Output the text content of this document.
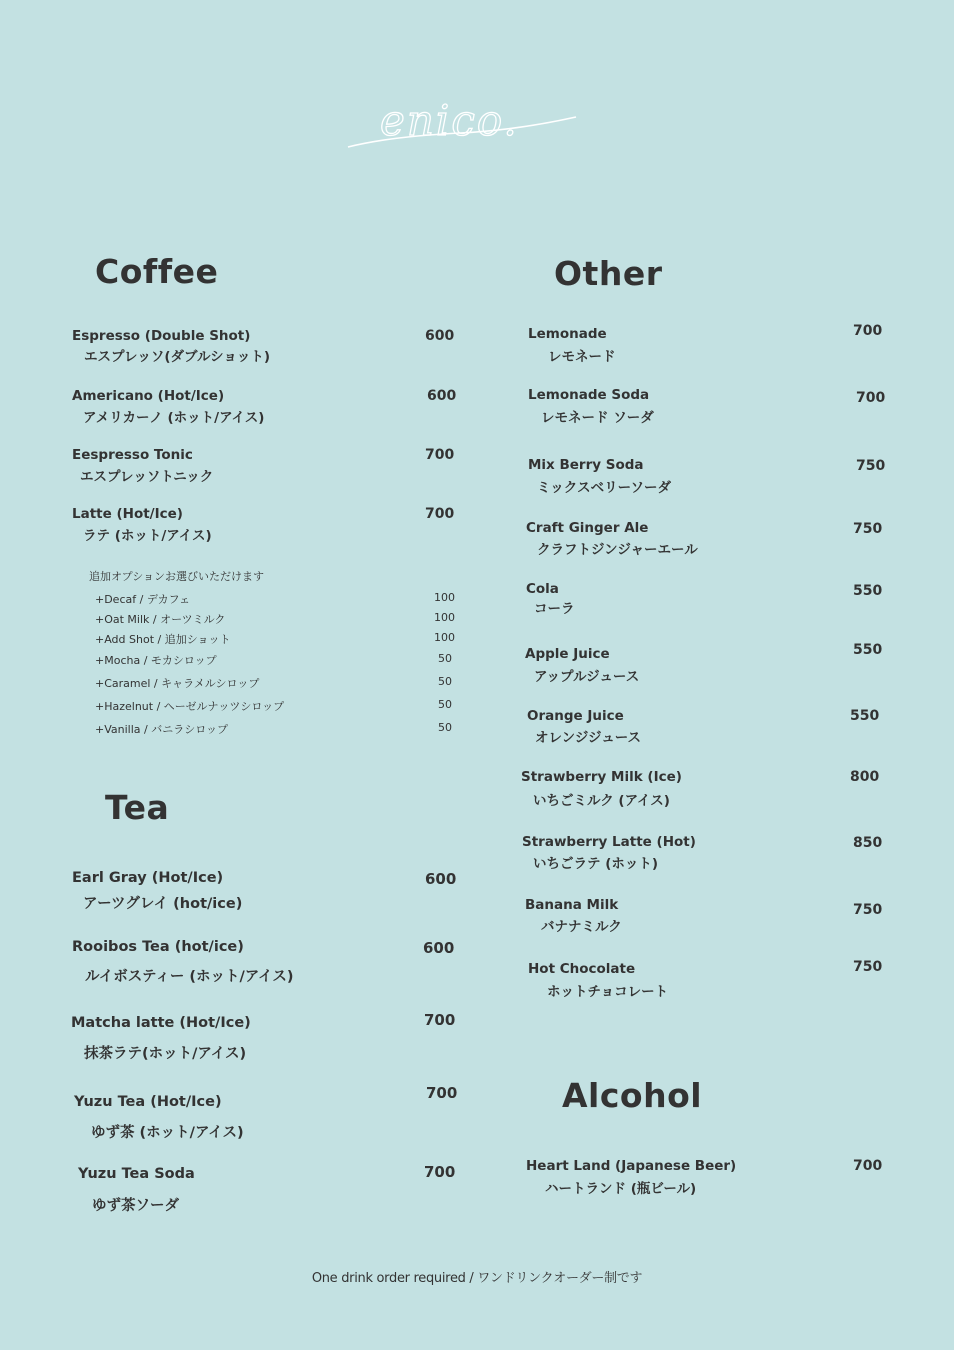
enico.
Coffee
Espresso (Double Shot)
エスプレッソ(ダブルショット)
600
Americano (Hot/Ice)
アメリカーノ (ホット/アイス)
600
Eespresso Tonic
エスプレッソトニック
700
Latte (Hot/Ice)
ラテ (ホット/アイス)
700
追加オプションお選びいただけます
+Decaf / デカフェ	100
+Oat Milk / オーツミルク	100
+Add Shot / 追加ショット	100
+Mocha / モカシロップ	50
+Caramel / キャラメルシロップ	50
+Hazelnut / ヘーゼルナッツシロップ	50
+Vanilla / バニラシロップ	50
Tea
Earl Gray (Hot/Ice)
アーツグレイ (hot/ice)
600
Rooibos Tea (hot/ice)
ルイボスティー (ホット/アイス)
600
Matcha latte (Hot/Ice)
抹茶ラテ(ホット/アイス)
700
Yuzu Tea (Hot/Ice)
ゆず茶 (ホット/アイス)
700
Yuzu Tea Soda
ゆず茶ソーダ
700
Other
Lemonade
レモネード
700
Lemonade Soda
レモネード ソーダ
700
Mix Berry Soda
ミックスベリーソーダ
750
Craft Ginger Ale
クラフトジンジャーエール
750
Cola
コーラ
550
Apple Juice
アップルジュース
550
Orange Juice
オレンジジュース
550
Strawberry Milk (Ice)
いちごミルク (アイス)
800
Strawberry Latte (Hot)
いちごラテ (ホット)
850
Banana Milk
バナナミルク
750
Hot Chocolate
ホットチョコレート
750
Alcohol
Heart Land (Japanese Beer)
ハートランド (瓶ビール)
700
One drink order required / ワンドリンクオーダー制です
